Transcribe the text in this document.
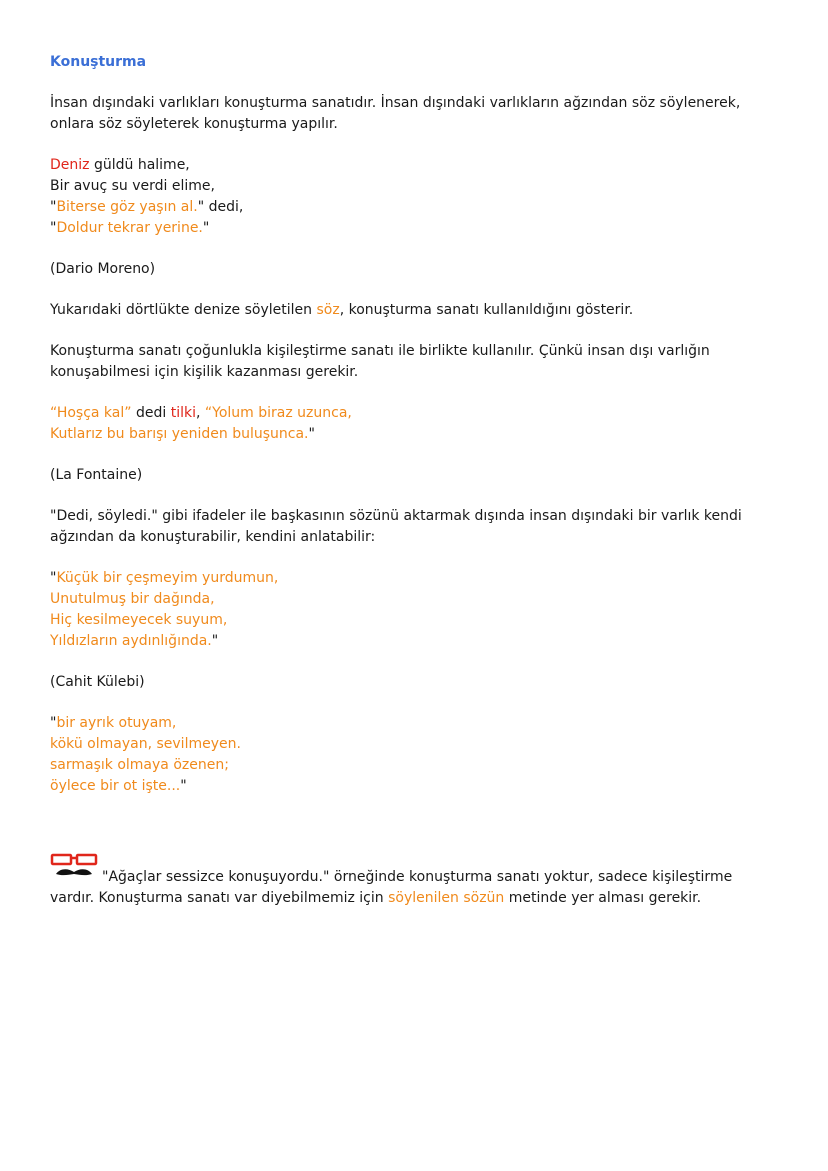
Konuşturma
İnsan dışındaki varlıkları konuşturma sanatıdır. İnsan dışındaki varlıkların ağzından söz söylenerek,
onlara söz söyleterek konuşturma yapılır.
Deniz güldü halime,
Bir avuç su verdi elime,
"Biterse göz yaşın al." dedi,
"Doldur tekrar yerine."
(Dario Moreno)
Yukarıdaki dörtlükte denize söyletilen söz, konuşturma sanatı kullanıldığını gösterir.
Konuşturma sanatı çoğunlukla kişileştirme sanatı ile birlikte kullanılır. Çünkü insan dışı varlığın
konuşabilmesi için kişilik kazanması gerekir.
“Hoşça kal” dedi tilki, “Yolum biraz uzunca,
Kutlarız bu barışı yeniden buluşunca."
(La Fontaine)
"Dedi, söyledi." gibi ifadeler ile başkasının sözünü aktarmak dışında insan dışındaki bir varlık kendi
ağzından da konuşturabilir, kendini anlatabilir:
"Küçük bir çeşmeyim yurdumun,
Unutulmuş bir dağında,
Hiç kesilmeyecek suyum,
Yıldızların aydınlığında."
(Cahit Külebi)
"bir ayrık otuyam,
kökü olmayan, sevilmeyen.
sarmaşık olmaya özenen;
öylece bir ot işte..."
"Ağaçlar sessizce konuşuyordu." örneğinde konuşturma sanatı yoktur, sadece kişileştirme
vardır. Konuşturma sanatı var diyebilmemiz için söylenilen sözün metinde yer alması gerekir.
